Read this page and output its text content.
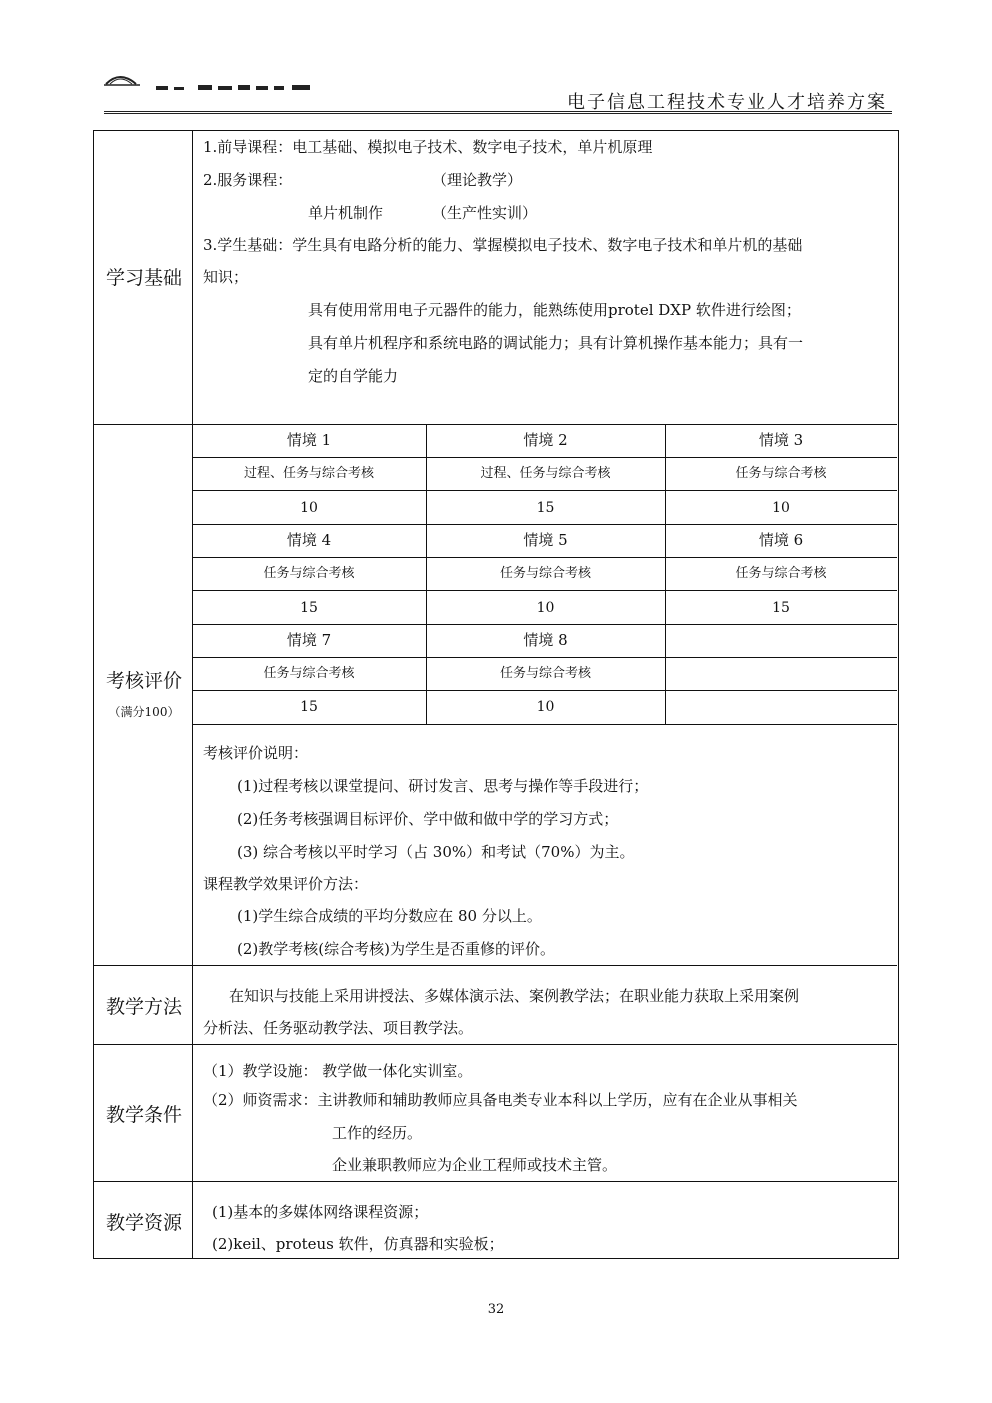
电子信息工程技术专业人才培养方案
学习基础
1.前导课程：电工基础、模拟电子技术、数字电子技术，单片机原理
2.服务课程：	（理论教学）
单片机制作	（生产性实训）
3.学生基础：学生具有电路分析的能力、掌握模拟电子技术、数字电子技术和单片机的基础
知识；
具有使用常用电子元器件的能力，能熟练使用protel DXP 软件进行绘图；
具有单片机程序和系统电路的调试能力；具有计算机操作基本能力；具有一
定的自学能力
考核评价
（满分100）
情境 1	情境 2	情境 3
过程、任务与综合考核	过程、任务与综合考核	任务与综合考核
10	15	10
情境 4	情境 5	情境 6
任务与综合考核	任务与综合考核	任务与综合考核
15	10	15
情境 7	情境 8
任务与综合考核	任务与综合考核
15	10
考核评价说明：
(1)过程考核以课堂提问、研讨发言、思考与操作等手段进行；
(2)任务考核强调目标评价、学中做和做中学的学习方式；
(3) 综合考核以平时学习（占 30%）和考试（70%）为主。
课程教学效果评价方法：
(1)学生综合成绩的平均分数应在 80 分以上。
(2)教学考核(综合考核)为学生是否重修的评价。
教学方法	在知识与技能上采用讲授法、多媒体演示法、案例教学法；在职业能力获取上采用案例
分析法、任务驱动教学法、项目教学法。
教学条件
（1）教学设施： 教学做一体化实训室。
（2）师资需求：主讲教师和辅助教师应具备电类专业本科以上学历，应有在企业从事相关
工作的经历。
企业兼职教师应为企业工程师或技术主管。
教学资源	(1)基本的多媒体网络课程资源；
(2)keil、proteus 软件，仿真器和实验板；
32
